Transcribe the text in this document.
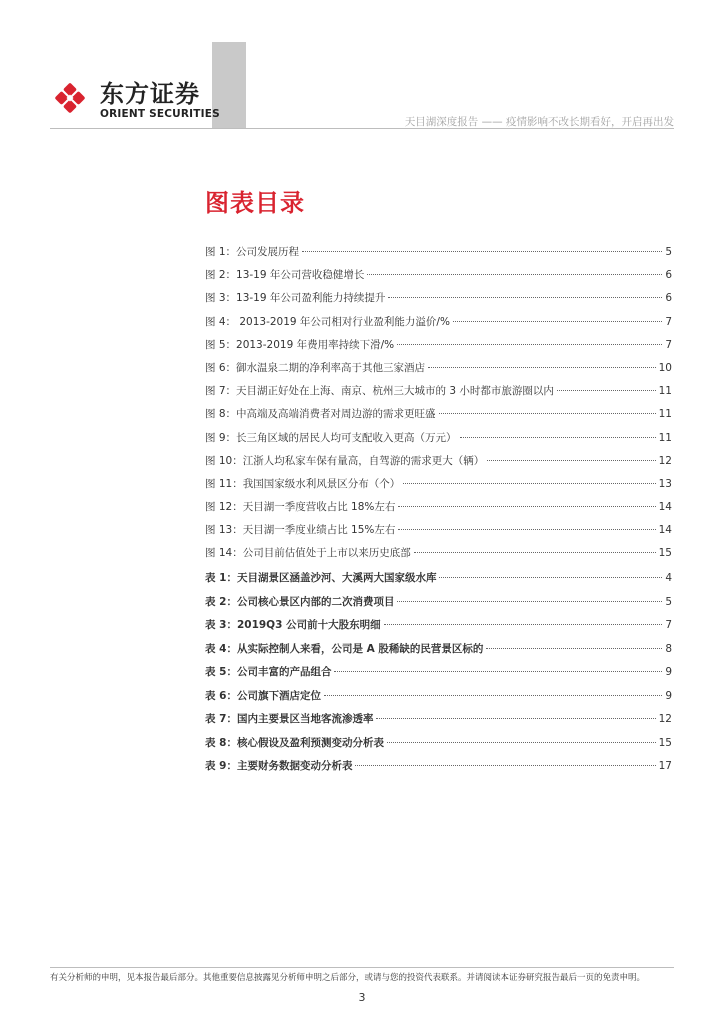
东方证券
ORIENT SECURITIES
天目湖深度报告 —— 疫情影响不改长期看好，开启再出发
图表目录
图 1：公司发展历程	5
图 2：13-19 年公司营收稳健增长	6
图 3：13-19 年公司盈利能力持续提升	6
图 4： 2013-2019 年公司相对行业盈利能力溢价/%	7
图 5：2013-2019 年费用率持续下滑/%	7
图 6：御水温泉二期的净利率高于其他三家酒店	10
图 7：天目湖正好处在上海、南京、杭州三大城市的 3 小时都市旅游圈以内	11
图 8：中高端及高端消费者对周边游的需求更旺盛	11
图 9：长三角区域的居民人均可支配收入更高（万元）	11
图 10：江浙人均私家车保有量高，自驾游的需求更大（辆）	12
图 11：我国国家级水利风景区分布（个）	13
图 12：天目湖一季度营收占比 18%左右	14
图 13：天目湖一季度业绩占比 15%左右	14
图 14：公司目前估值处于上市以来历史底部	15
表 1：天目湖景区涵盖沙河、大溪两大国家级水库	4
表 2：公司核心景区内部的二次消费项目	5
表 3：2019Q3 公司前十大股东明细	7
表 4：从实际控制人来看，公司是 A 股稀缺的民营景区标的	8
表 5：公司丰富的产品组合	9
表 6：公司旗下酒店定位	9
表 7：国内主要景区当地客流渗透率	12
表 8：核心假设及盈利预测变动分析表	15
表 9：主要财务数据变动分析表	17
有关分析师的申明，见本报告最后部分。其他重要信息披露见分析师申明之后部分，或请与您的投资代表联系。并请阅读本证券研究报告最后一页的免责申明。
3
